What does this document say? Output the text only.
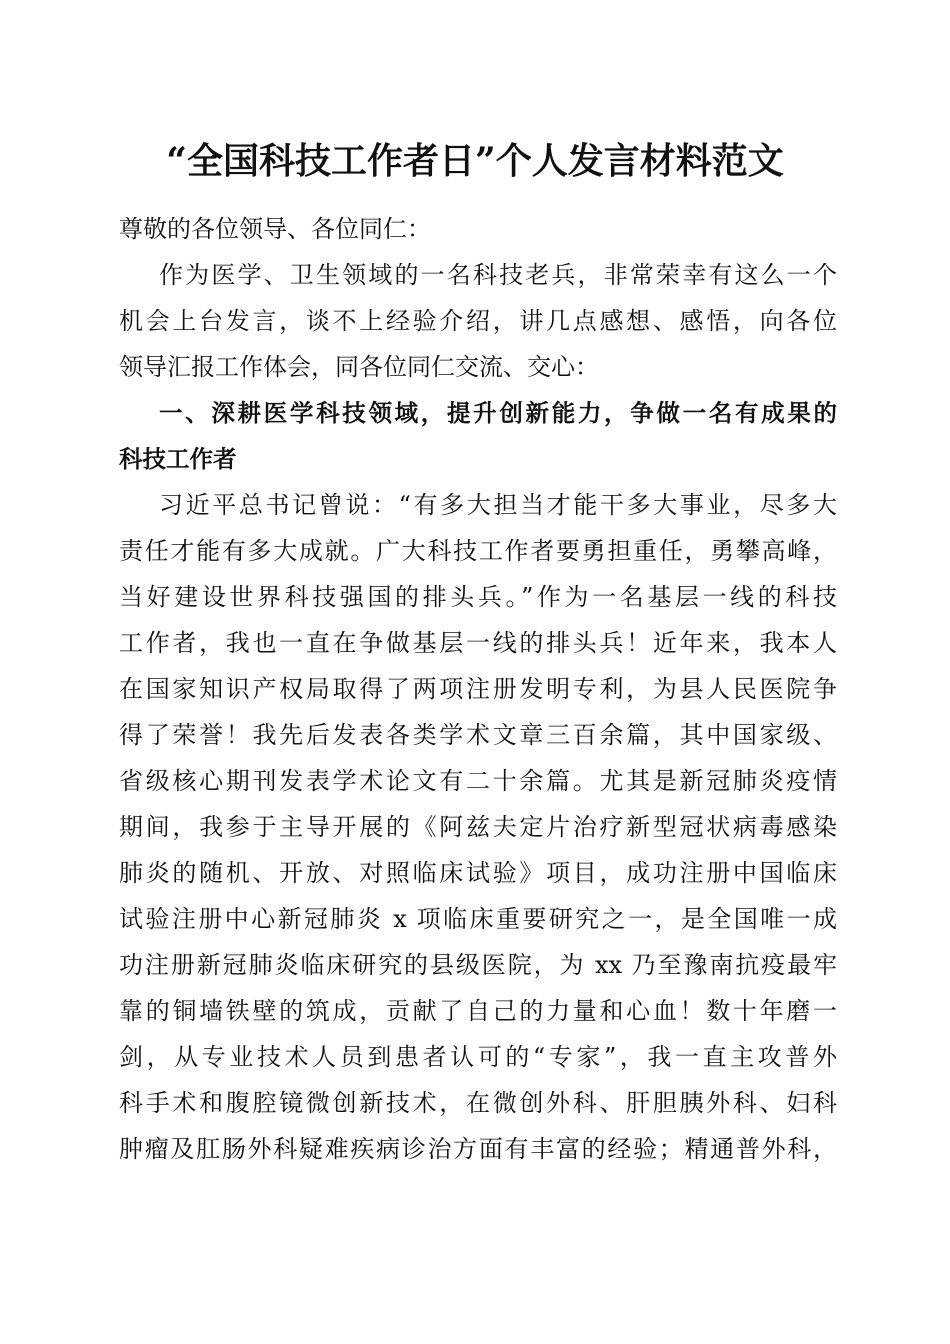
“全国科技工作者日”个人发言材料范文
尊敬的各位领导、各位同仁：
作为医学、卫生领域的一名科技老兵，非常荣幸有这么一个
机会上台发言，谈不上经验介绍，讲几点感想、感悟，向各位
领导汇报工作体会，同各位同仁交流、交心：
一、深耕医学科技领域，提升创新能力，争做一名有成果的
科技工作者
习近平总书记曾说：“有多大担当才能干多大事业，尽多大
责任才能有多大成就。广大科技工作者要勇担重任，勇攀高峰，
当好建设世界科技强国的排头兵。”作为一名基层一线的科技
工作者，我也一直在争做基层一线的排头兵！近年来，我本人
在国家知识产权局取得了两项注册发明专利，为县人民医院争
得了荣誉！我先后发表各类学术文章三百余篇，其中国家级、
省级核心期刊发表学术论文有二十余篇。尤其是新冠肺炎疫情
期间，我参于主导开展的《阿兹夫定片治疗新型冠状病毒感染
肺炎的随机、开放、对照临床试验》项目，成功注册中国临床
试验注册中心新冠肺炎 x 项临床重要研究之一，是全国唯一成
功注册新冠肺炎临床研究的县级医院，为 xx 乃至豫南抗疫最牢
靠的铜墙铁壁的筑成，贡献了自己的力量和心血！数十年磨一
剑，从专业技术人员到患者认可的“专家”，我一直主攻普外
科手术和腹腔镜微创新技术，在微创外科、肝胆胰外科、妇科
肿瘤及肛肠外科疑难疾病诊治方面有丰富的经验；精通普外科，
